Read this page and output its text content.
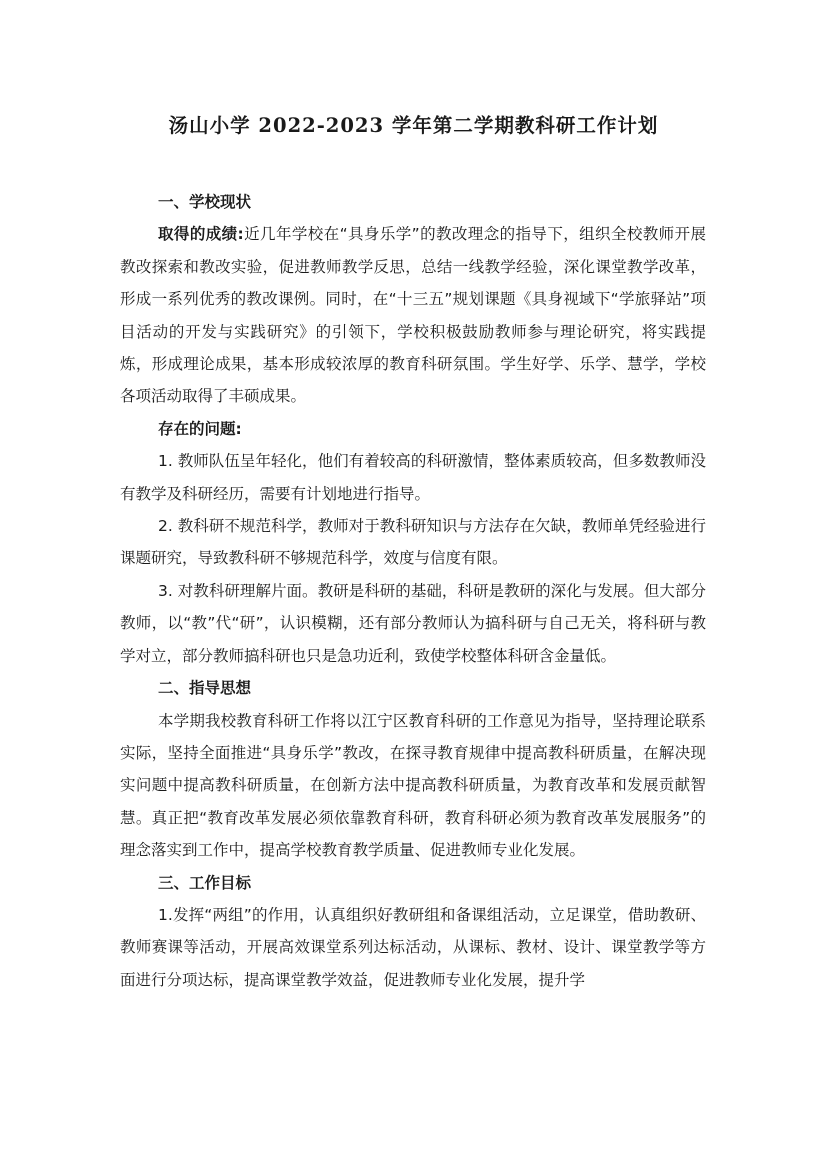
汤山小学 2022-2023 学年第二学期教科研工作计划

一、学校现状

取得的成绩:近几年学校在“具身乐学”的教改理念的指导下，组织全校教师开展教改探索和教改实验，促进教师教学反思，总结一线教学经验，深化课堂教学改革，形成一系列优秀的教改课例。同时，在“十三五”规划课题《具身视域下“学旅驿站”项目活动的开发与实践研究》的引领下，学校积极鼓励教师参与理论研究，将实践提炼，形成理论成果，基本形成较浓厚的教育科研氛围。学生好学、乐学、慧学，学校各项活动取得了丰硕成果。

存在的问题:

1. 教师队伍呈年轻化，他们有着较高的科研激情，整体素质较高，但多数教师没有教学及科研经历，需要有计划地进行指导。

2. 教科研不规范科学，教师对于教科研知识与方法存在欠缺，教师单凭经验进行课题研究，导致教科研不够规范科学，效度与信度有限。

3. 对教科研理解片面。教研是科研的基础，科研是教研的深化与发展。但大部分教师，以“教”代“研”，认识模糊，还有部分教师认为搞科研与自己无关，将科研与教学对立，部分教师搞科研也只是急功近利，致使学校整体科研含金量低。

二、指导思想

本学期我校教育科研工作将以江宁区教育科研的工作意见为指导，坚持理论联系实际，坚持全面推进“具身乐学”教改，在探寻教育规律中提高教科研质量，在解决现实问题中提高教科研质量，在创新方法中提高教科研质量，为教育改革和发展贡献智慧。真正把“教育改革发展必须依靠教育科研，教育科研必须为教育改革发展服务”的理念落实到工作中，提高学校教育教学质量、促进教师专业化发展。

三、工作目标

1.发挥“两组”的作用，认真组织好教研组和备课组活动，立足课堂，借助教研、教师赛课等活动，开展高效课堂系列达标活动，从课标、教材、设计、课堂教学等方面进行分项达标，提高课堂教学效益，促进教师专业化发展，提升学
